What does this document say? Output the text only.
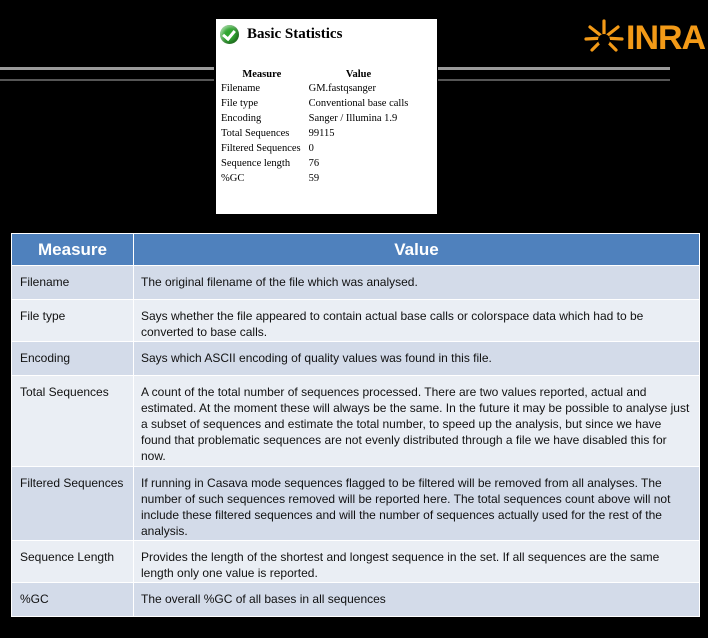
Basic Statistics
Measure	Value
Filename	GM.fastqsanger
File type	Conventional base calls
Encoding	Sanger / Illumina 1.9
Total Sequences	99115
Filtered Sequences	0
Sequence length	76
%GC	59
INRA
Measure	Value
Filename	The original filename of the file which was analysed.
File type	Says whether the file appeared to contain actual base calls or colorspace data which had to be converted to base calls.
Encoding	Says which ASCII encoding of quality values was found in this file.
Total Sequences	A count of the total number of sequences processed. There are two values reported, actual and estimated. At the moment these will always be the same. In the future it may be possible to analyse just a subset of sequences and estimate the total number, to speed up the analysis, but since we have found that problematic sequences are not evenly distributed through a file we have disabled this for now.
Filtered Sequences	If running in Casava mode sequences flagged to be filtered will be removed from all analyses. The number of such sequences removed will be reported here. The total sequences count above will not include these filtered sequences and will the number of sequences actually used for the rest of the analysis.
Sequence Length	Provides the length of the shortest and longest sequence in the set. If all sequences are the same length only one value is reported.
%GC	The overall %GC of all bases in all sequences
